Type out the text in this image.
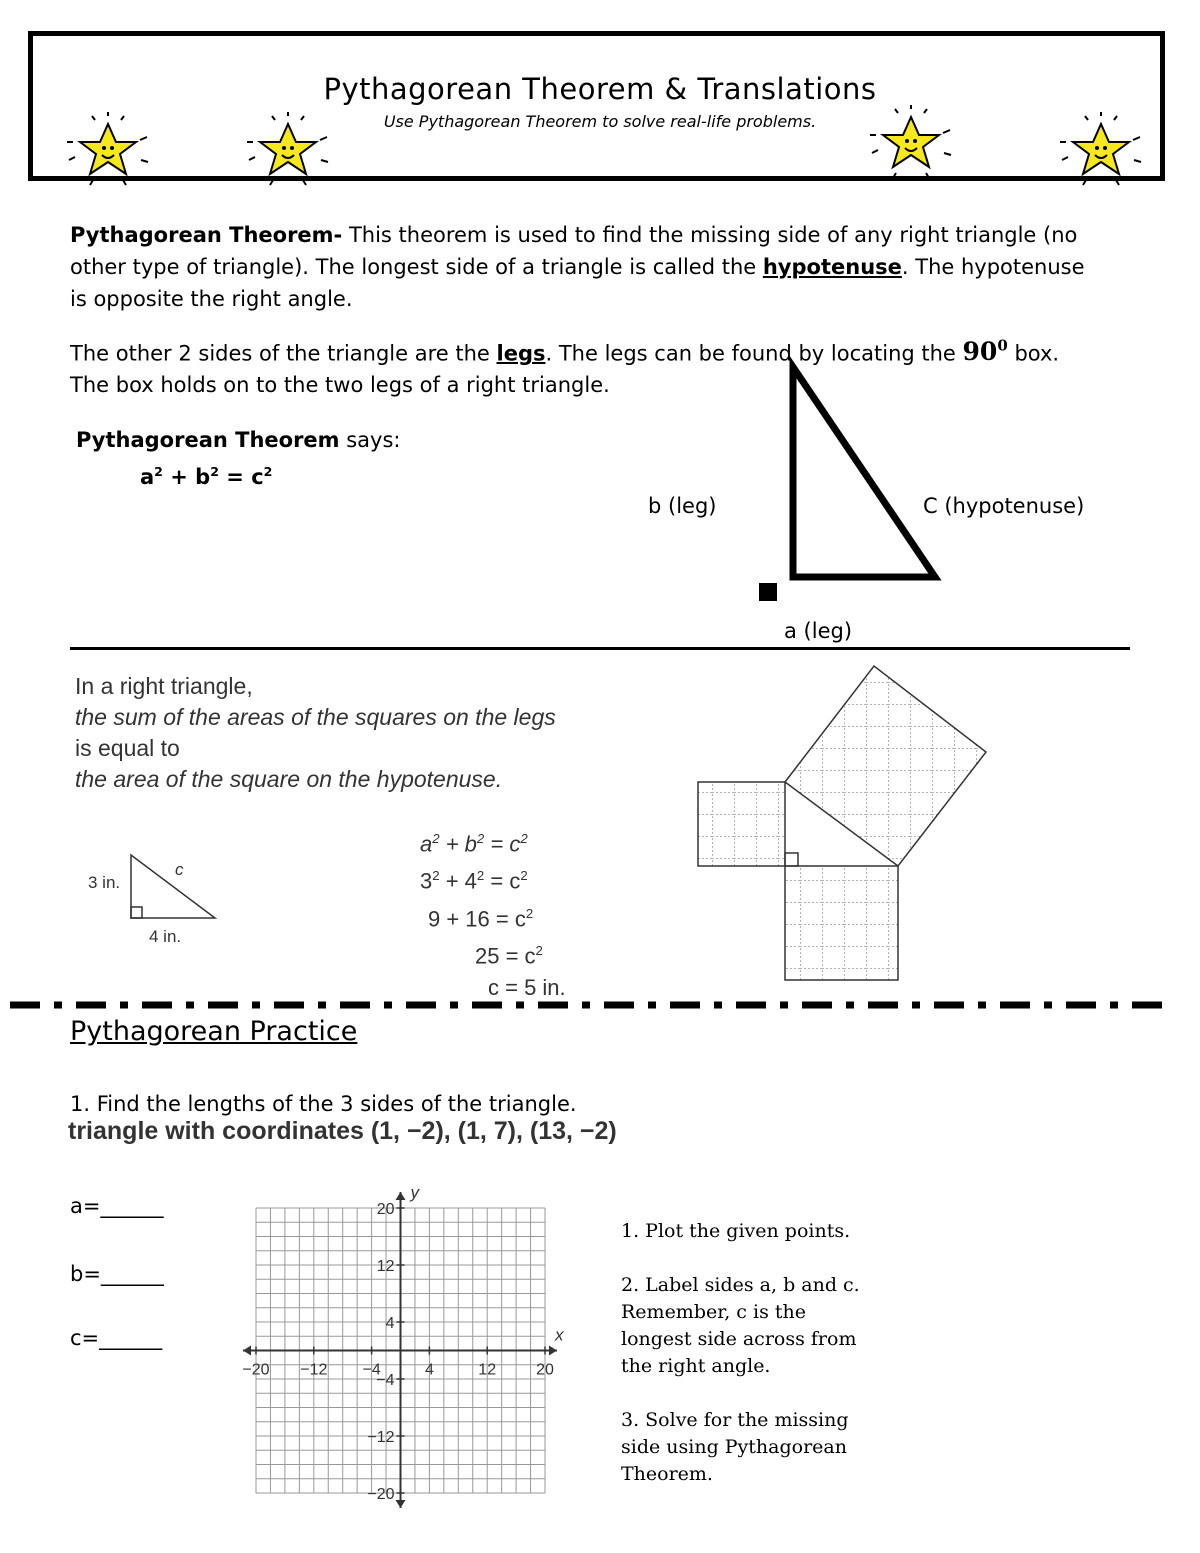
Pythagorean Theorem & Translations
Use Pythagorean Theorem to solve real-life problems.
Pythagorean Theorem- This theorem is used to find the missing side of any right triangle (no
other type of triangle). The longest side of a triangle is called the hypotenuse. The hypotenuse
is opposite the right angle.
The other 2 sides of the triangle are the legs. The legs can be found by locating the $90^0$ box.
The box holds on to the two legs of a right triangle.
Pythagorean Theorem says:
$a^2 + b^2 = c^2$
b (leg)	C (hypotenuse)
a (leg)
In a right triangle,
the sum of the areas of the squares on the legs
is equal to
the area of the square on the hypotenuse.
3 in.
4 in.
c
$a^2 + b^2 = c^2$
$3^2 + 4^2 = c^2$
$9 + 16 = c^2$
$25 = c^2$
c = 5 in.
Pythagorean Practice
1. Find the lengths of the 3 sides of the triangle.
triangle with coordinates (1, −2), (1, 7), (13, −2)
a=______
b=______
c=______
−20 −12 −4	4	12	20
20
12
4
−4
−12
−20
x
y
1. Plot the given points.
2. Label sides a, b and c.
Remember, c is the
longest side across from
the right angle.
3. Solve for the missing
side using Pythagorean
Theorem.
